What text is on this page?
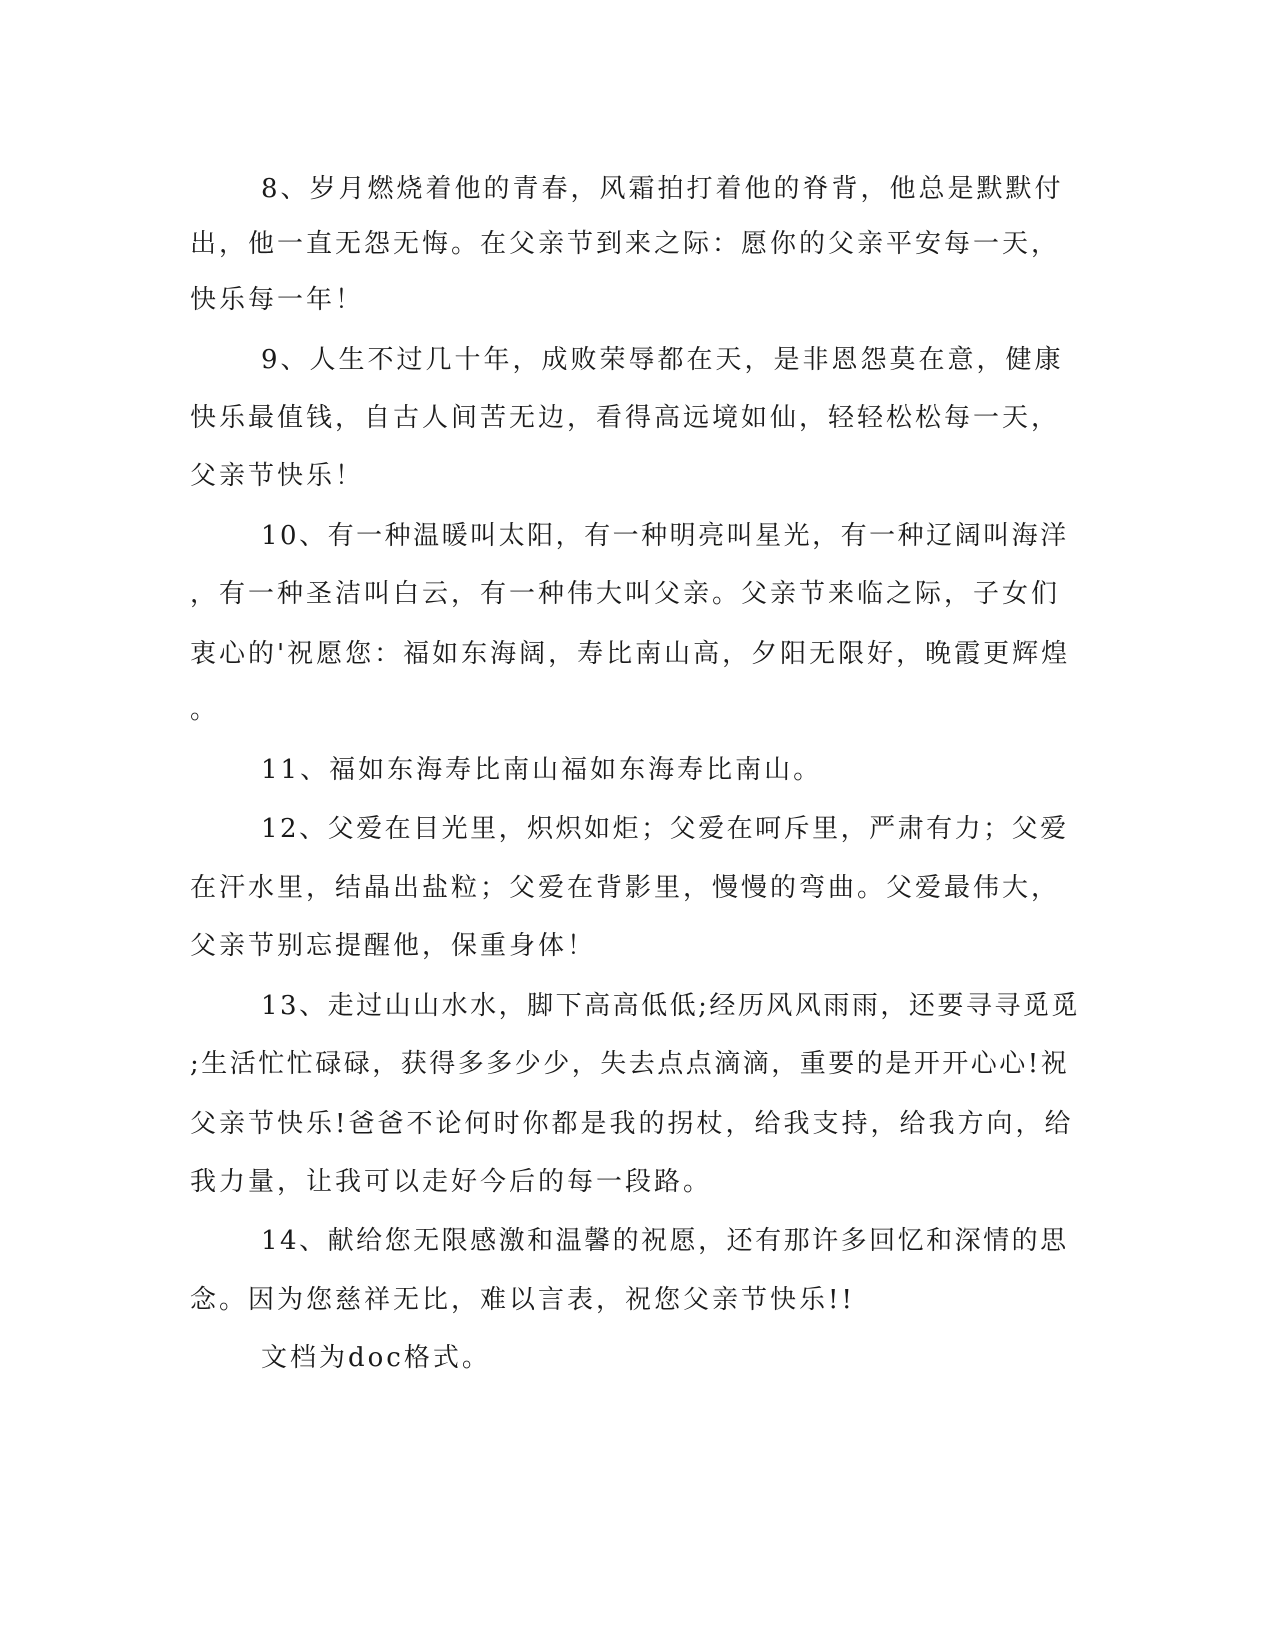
8、岁月燃烧着他的青春，风霜拍打着他的脊背，他总是默默付
出，他一直无怨无悔。在父亲节到来之际：愿你的父亲平安每一天，
快乐每一年！
9、人生不过几十年，成败荣辱都在天，是非恩怨莫在意，健康
快乐最值钱，自古人间苦无边，看得高远境如仙，轻轻松松每一天，
父亲节快乐！
10、有一种温暖叫太阳，有一种明亮叫星光，有一种辽阔叫海洋
，有一种圣洁叫白云，有一种伟大叫父亲。父亲节来临之际，子女们
衷心的'祝愿您：福如东海阔，寿比南山高，夕阳无限好，晚霞更辉煌
。
11、福如东海寿比南山福如东海寿比南山。
12、父爱在目光里，炽炽如炬；父爱在呵斥里，严肃有力；父爱
在汗水里，结晶出盐粒；父爱在背影里，慢慢的弯曲。父爱最伟大，
父亲节别忘提醒他，保重身体！
13、走过山山水水，脚下高高低低;经历风风雨雨，还要寻寻觅觅
;生活忙忙碌碌，获得多多少少，失去点点滴滴，重要的是开开心心!祝
父亲节快乐!爸爸不论何时你都是我的拐杖，给我支持，给我方向，给
我力量，让我可以走好今后的每一段路。
14、献给您无限感激和温馨的祝愿，还有那许多回忆和深情的思
念。因为您慈祥无比，难以言表，祝您父亲节快乐!!
文档为doc格式。
